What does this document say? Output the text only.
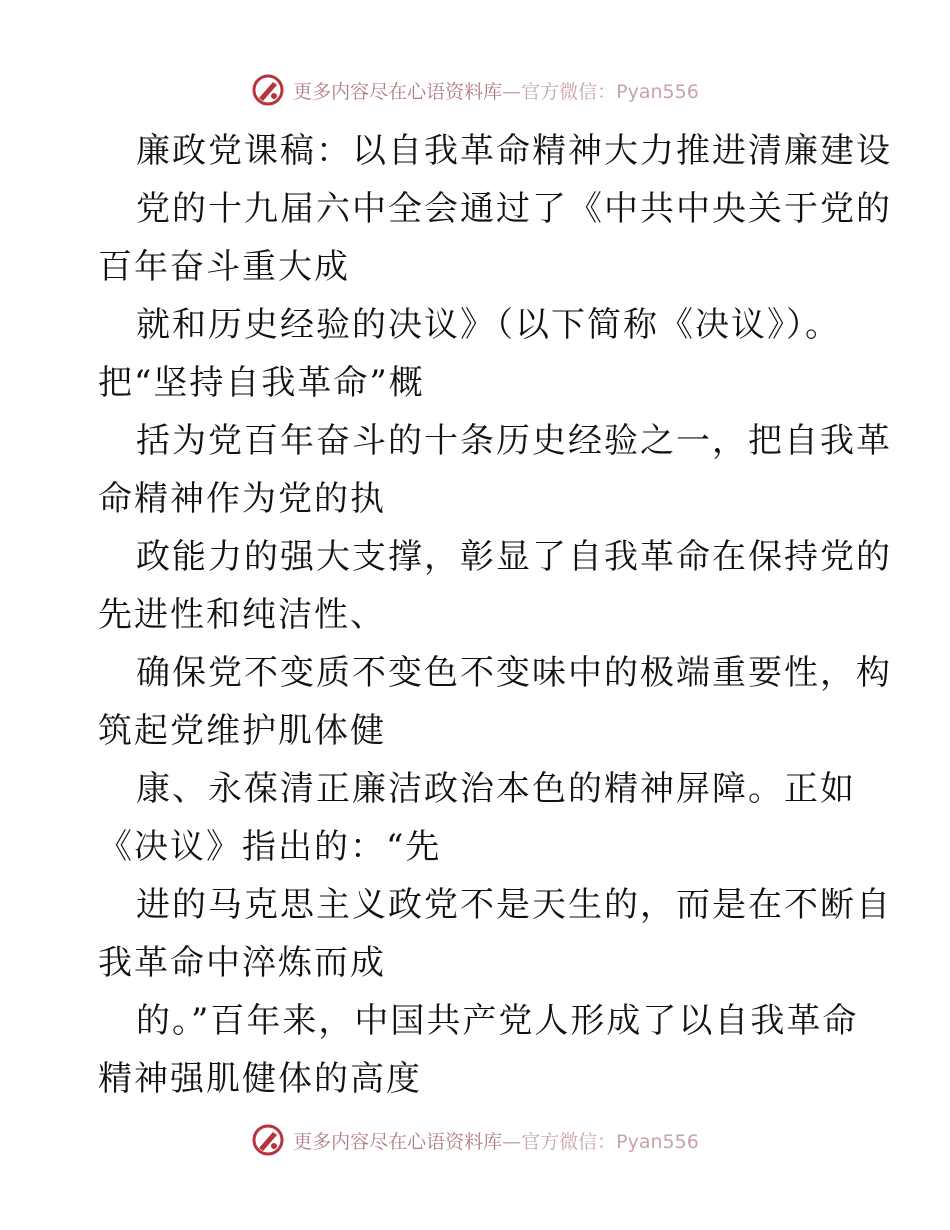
更多内容尽在心语资料库—官方微信：Pyan556
廉政党课稿：以自我革命精神大力推进清廉建设
党的十九届六中全会通过了《中共中央关于党的
百年奋斗重大成
就和历史经验的决议》（以下简称《决议》）。
把“坚持自我革命”概
括为党百年奋斗的十条历史经验之一，把自我革
命精神作为党的执
政能力的强大支撑，彰显了自我革命在保持党的
先进性和纯洁性、
确保党不变质不变色不变味中的极端重要性，构
筑起党维护肌体健
康、永葆清正廉洁政治本色的精神屏障。正如
《决议》指出的：“先
进的马克思主义政党不是天生的，而是在不断自
我革命中淬炼而成
的。”百年来，中国共产党人形成了以自我革命
精神强肌健体的高度
更多内容尽在心语资料库—官方微信：Pyan556
